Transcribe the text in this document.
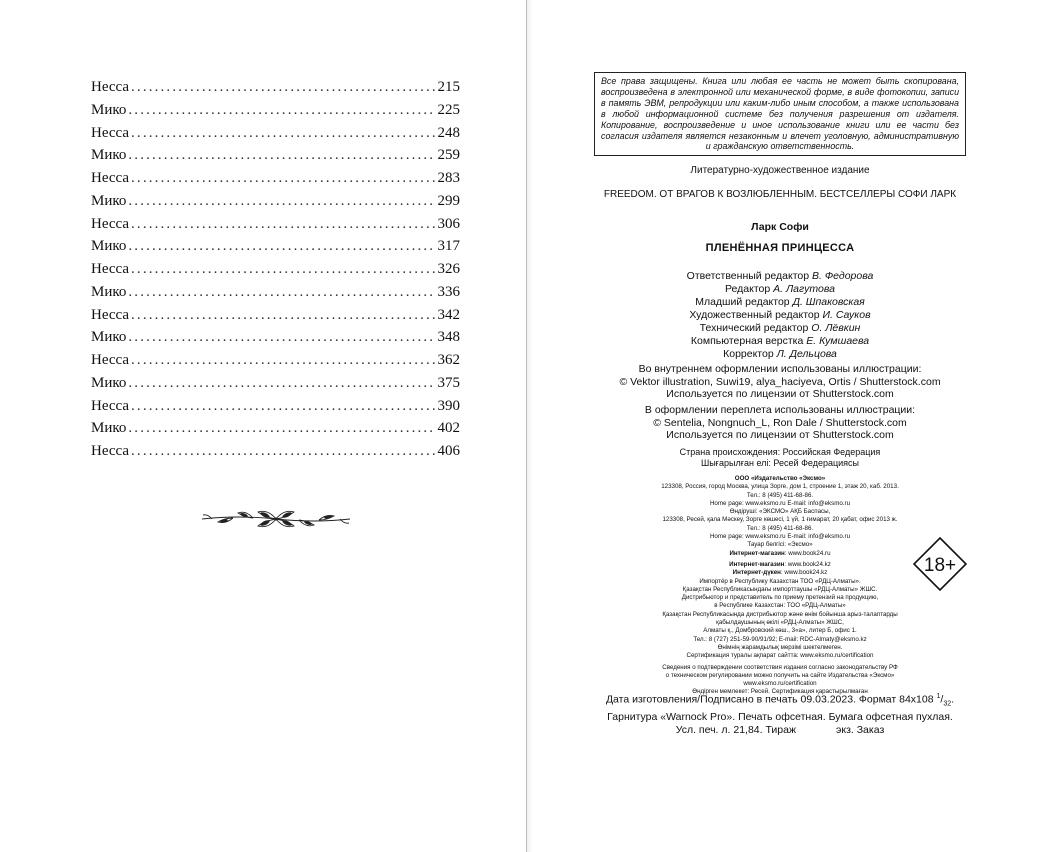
Несса . . .	215
Мико . . .	225
Несса . . .	248
Мико . . .	259
Несса . . .	283
Мико . . .	299
Несса . . .	306
Мико . . .	317
Несса . . .	326
Мико . . .	336
Несса . . .	342
Мико . . .	348
Несса . . .	362
Мико . . .	375
Несса . . .	390
Мико . . .	402
Несса . . .	406
Все права защищены. Книга или любая ее часть не может быть скопирована, воспроизведена в электронной или механической форме, в виде фотокопии, записи в память ЭВМ, репродукции или каким-либо иным способом, а также использована в любой информационной системе без получения разрешения от издателя. Копирование, воспроизведение и иное использование книги или ее части без согласия издателя является незаконным и влечет уголовную, административную и гражданскую ответственность.
Литературно-художественное издание
FREEDOM. ОТ ВРАГОВ К ВОЗЛЮБЛЕННЫМ. БЕСТСЕЛЛЕРЫ СОФИ ЛАРК
Ларк Софи
ПЛЕНЁННАЯ ПРИНЦЕССА
Ответственный редактор В. Федорова
Редактор А. Лагутова
Младший редактор Д. Шпаковская
Художественный редактор И. Сауков
Технический редактор О. Лёвкин
Компьютерная верстка Е. Кумшаева
Корректор Л. Дельцова
Во внутреннем оформлении использованы иллюстрации:
© Vektor illustration, Suwi19, alya_haciyeva, Ortis / Shutterstock.com
Используется по лицензии от Shutterstock.com
В оформлении переплета использованы иллюстрации:
© Sentelia, Nongnuch_L, Ron Dale / Shutterstock.com
Используется по лицензии от Shutterstock.com
Страна происхождения: Российская Федерация
Шығарылған елі: Ресей Федерациясы
ООО «Издательство «Эксмо»
123308, Россия, город Москва, улица Зорге, дом 1, строение 1, этаж 20, каб. 2013.
Тел.: 8 (495) 411-68-86.
Home page: www.eksmo.ru E-mail: info@eksmo.ru
Өндіруші: «ЭКСМО» АҚБ Баспасы,
123308, Ресей, қала Мәскеу, Зорге көшесі, 1 үй, 1 ғимарат, 20 қабат, офис 2013 ж.
Тел.: 8 (495) 411-68-86.
Home page: www.eksmo.ru E-mail: info@eksmo.ru
Тауар белгісі: «Эксмо»
Интернет-магазин: www.book24.ru
Интернет-магазин: www.book24.kz
Интернет-дүкен: www.book24.kz
Импортёр в Республику Казахстан ТОО «РДЦ-Алматы».
Қазақстан Республикасындағы импорттаушы «РДЦ-Алматы» ЖШС.
Дистрибьютор и представитель по приему претензий на продукцию,
в Республике Казахстан: ТОО «РДЦ-Алматы»
Қазақстан Республикасында дистрибьютор және өнім бойынша арыз-талаптарды
қабылдаушының өкілі «РДЦ-Алматы» ЖШС,
Алматы қ., Домбровский көш., 3«а», литер Б, офис 1.
Тел.: 8 (727) 251-59-90/91/92; E-mail: RDC-Almaty@eksmo.kz
Өнімнің жарамдылық мерзімі шектелмеген.
Сертификация туралы ақпарат сайтта: www.eksmo.ru/certification
Сведения о подтверждении соответствия издания согласно законодательству РФ
о техническом регулировании можно получить на сайте Издательства «Эксмо»
www.eksmo.ru/certification
Өндірген мемлекет: Ресей. Сертификация қарастырылмаған
18+
Дата изготовления/Подписано в печать 09.03.2023. Формат 84x108 $^1/_{32}$.
Гарнитура «Warnock Pro». Печать офсетная. Бумага офсетная пухлая.
Усл. печ. л. 21,84. Тираж	экз. Заказ
